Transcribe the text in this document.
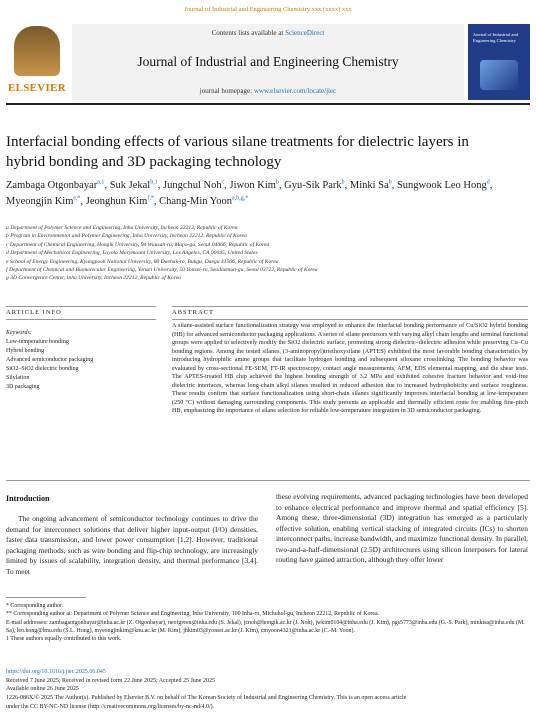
Journal of Industrial and Engineering Chemistry xxx (xxxx) xxx
ELSEVIER
Contents lists available at ScienceDirect
Journal of Industrial and Engineering Chemistry
journal homepage: www.elsevier.com/locate/jiec
Journal of Industrial and Engineering Chemistry
Interfacial bonding effects of various silane treatments for dielectric layers in hybrid bonding and 3D packaging technology
Zambaga Otgonbayar$^{a,1}$, Suk Jekal$^{b,1}$, Jungchul Noh$^c$, Jiwon Kim$^b$, Gyu-Sik Park$^b$, Minki Sa$^b$, Sungwook Leo Hong$^d$, Myeongjin Kim$^{e,*}$, Jeonghun Kim$^{f,*}$, Chang-Min Yoon$^{a,b,g,*}$
a Department of Polymer Science and Engineering, Inha University, Incheon 22212, Republic of Korea
b Program in Environmental and Polymer Engineering, Inha University, Incheon 22212, Republic of Korea
c Department of Chemical Engineering, Hongik University, 94 Wausan-ro, Mapo-gu, Seoul 04066, Republic of Korea
d Department of Mechanical Engineering, Loyola Marymount University, Los Angeles, CA 90045, United States
e School of Energy Engineering, Kyungpook National University, 80 Daehak-ro, Bukgu, Daegu 41566, Republic of Korea
f Department of Chemical and Biomolecular Engineering, Yonsei University, 50 Yonsei-ro, Seodaemun-gu, Seoul 03722, Republic of Korea
g 3D Convergence Center, Inha University, Incheon 22212, Republic of Korea
ARTICLE INFO
Keywords:
Low-temperature bonding
Hybrid bonding
Advanced semiconductor packaging
SiO2–SiO2 dielectric bonding
Silylation
3D packaging
ABSTRACT
A silane-assisted surface functionalization strategy was employed to enhance the interfacial bonding performance of Cu/SiO2 hybrid bonding (HB) for advanced semiconductor packaging applications. A series of silane precursors with varying alkyl chain lengths and terminal functional groups were applied to selectively modify the SiO2 dielectric surface, promoting strong dielectric–dielectric adhesion while preserving Cu–Cu bonding regions. Among the tested silanes, (3-aminopropyl)triethoxysilane (APTES) exhibited the most favorable bonding characteristics by introducing hydrophilic amine groups that facilitate hydrogen bonding and subsequent siloxane crosslinking. The bonding behavior was evaluated by cross-sectional FE-SEM, FT-IR spectroscopy, contact angle measurements, AFM, EDS elemental mapping, and die shear tests. The APTES-treated HB chip achieved the highest bonding strength of 3.2 MPa and exhibited cohesive fracture behavior and void-free dielectric interfaces, whereas long-chain alkyl silanes resulted in reduced adhesion due to increased hydrophobicity and surface roughness. These results confirm that surface functionalization using short-chain silanes significantly improves interfacial bonding at low-temperature (250 °C) without damaging surrounding components. This study presents an applicable and thermally efficient route for enabling fine-pitch HB, emphasizing the importance of silane selection for reliable low-temperature integration in 3D semiconductor packaging.
Introduction

The ongoing advancement of semiconductor technology continues to drive the demand for interconnect solutions that deliver higher input-output (I/O) densities, faster data transmission, and lower power consumption [1,2]. However, traditional packaging methods, such as wire bonding and flip-chip technology, are increasingly limited by issues of scalability, integration density, and thermal performance [3,4]. To meet

these evolving requirements, advanced packaging technologies have been developed to enhance electrical performance and improve thermal and spatial efficiency [5]. Among these, three-dimensional (3D) integration has emerged as a particularly effective solution, enabling vertical stacking of integrated circuits (ICs) to shorten interconnect paths, increase bandwidth, and maximize functional density. In parallel, two-and-a-half-dimensional (2.5D) architectures using silicon interposers for lateral routing have gained attraction, although they offer lower

* Corresponding author.
** Corresponding author at: Department of Polymer Science and Engineering, Inha University, 100 Inha-ro, Michuhol-gu, Incheon 22212, Republic of Korea.
E-mail addresses: zambagaotgonbayar@inha.ac.kr (Z. Otgonbayar), neofgreen@inha.edu (S. Jekal), jcnoh@hongik.ac.kr (J. Noh), jwkim0104@inha.edu (J. Kim), pgs5773@inha.edu (G.-S. Park), minkisa@inha.edu (M. Sa), leo.hong@lmu.edu (S.L. Hong), myeongjinkim@knu.ac.kr (M. Kim), jhkim03@yonsei.ac.kr (J. Kim), cmyoon4321@inha.ac.kr (C.-M. Yoon).
1 These authors equally contributed to this work.
https://doi.org/10.1016/j.jiec.2025.06.045
Received 7 June 2025; Received in revised form 22 June 2025; Accepted 25 June 2025
Available online 26 June 2025
1226-086X/© 2025 The Author(s). Published by Elsevier B.V. on behalf of The Korean Society of Industrial and Engineering Chemistry. This is an open access article
under the CC BY-NC-ND license (http://creativecommons.org/licenses/by-nc-nd/4.0/).
